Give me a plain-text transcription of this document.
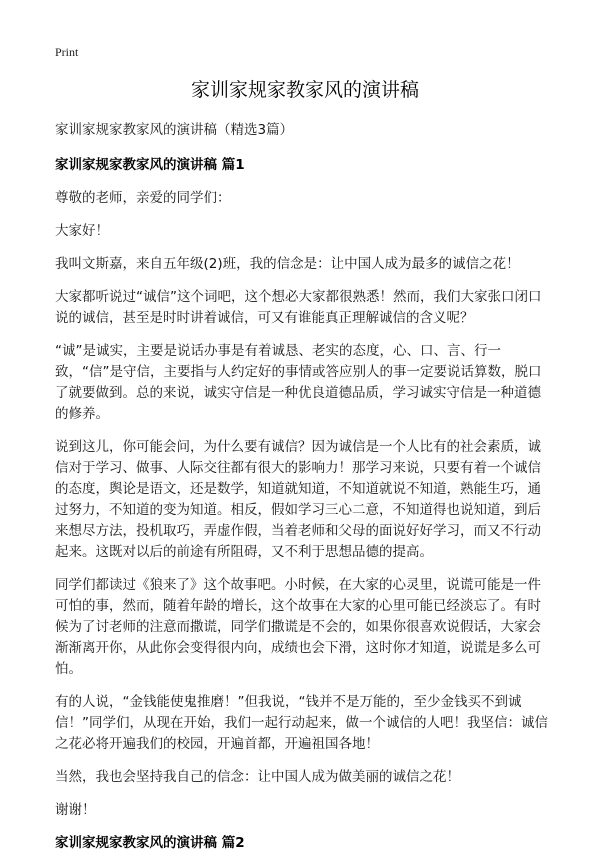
Print
家训家规家教家风的演讲稿

家训家规家教家风的演讲稿（精选3篇）

家训家规家教家风的演讲稿 篇1

尊敬的老师，亲爱的同学们：

大家好！

我叫文斯嘉，来自五年级(2)班，我的信念是：让中国人成为最多的诚信之花！

大家都听说过“诚信”这个词吧，这个想必大家都很熟悉！然而，我们大家张口闭口说的诚信，甚至是时时讲着诚信，可又有谁能真正理解诚信的含义呢？

“诚”是诚实，主要是说话办事是有着诚恳、老实的态度，心、口、言、行一致，“信”是守信，主要指与人约定好的事情或答应别人的事一定要说话算数，脱口了就要做到。总的来说，诚实守信是一种优良道德品质，学习诚实守信是一种道德的修养。

说到这儿，你可能会问，为什么要有诚信？因为诚信是一个人比有的社会素质，诚信对于学习、做事、人际交往都有很大的影响力！那学习来说，只要有着一个诚信的态度，舆论是语文，还是数学，知道就知道，不知道就说不知道，熟能生巧，通过努力，不知道的变为知道。相反，假如学习三心二意，不知道得也说知道，到后来想尽方法，投机取巧，弄虚作假，当着老师和父母的面说好好学习，而又不行动起来。这既对以后的前途有所阻碍，又不利于思想品德的提高。

同学们都读过《狼来了》这个故事吧。小时候，在大家的心灵里，说谎可能是一件可怕的事，然而，随着年龄的增长，这个故事在大家的心里可能已经淡忘了。有时候为了讨老师的注意而撒谎，同学们撒谎是不会的，如果你很喜欢说假话，大家会渐渐离开你，从此你会变得很内向，成绩也会下滑，这时你才知道，说谎是多么可怕。

有的人说，“金钱能使鬼推磨！”但我说，“钱并不是万能的，至少金钱买不到诚信！”同学们，从现在开始，我们一起行动起来，做一个诚信的人吧！我坚信：诚信之花必将开遍我们的校园，开遍首都，开遍祖国各地！

当然，我也会坚持我自己的信念：让中国人成为做美丽的诚信之花！

谢谢！

家训家规家教家风的演讲稿 篇2
